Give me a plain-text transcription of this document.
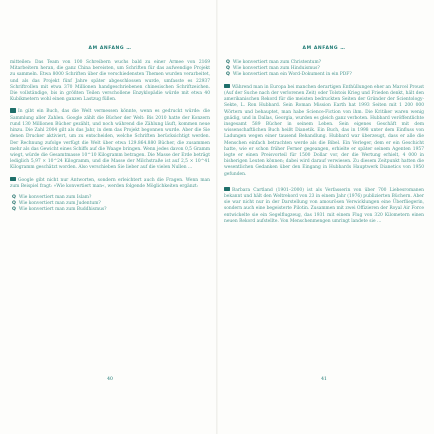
AM ANFANG …

mitteilen: Das Team von 100 Schreibern wuchs bald zu einer Armee von 2169 Mitarbeitern heran, die ganz China bereisten, um Schriften für das aufwendige Projekt zu sammeln. Etwa 8000 Schriften über die verschiedensten Themen wurden verarbeitet, und als das Projekt fünf Jahre später abgeschlossen wurde, umfasste es 22937 Schriftrollen mit etwa 370 Millionen handgeschriebenen chinesischen Schriftzeichen. Die vollständige, bis in größten Teilen verschollene Enzyklopädie würde mit etwa 40 Kubikmetern wohl einen ganzen Lastzug füllen.

In gibt ein Buch, das die Welt vermessen könnte, wenn es gedruckt würde: die Sammlung aller Zahlen. Google zählt die Bücher der Welt: Bis 2010 hatte der Konzern rund 130 Millionen Bücher gezählt, und noch während die Zählung läuft, kommen neue hinzu. Die Zahl 2004 gilt als das Jahr, in dem das Projekt begonnen wurde. Aber die Sie denen Drucker aktiviert, um zu entscheiden, welche Schriften berücksichtigt werden. Der Rechnung zufolge verfügt die Welt über etwa 129.864.880 Bücher, die zusammen mehr als das Gewicht eines Schiffs auf die Waage bringen. Wenn jedes davon 0,5 Gramm wiegt, würde die Gesamtmasse 10^10 Kilogramm betragen. Die Masse der Erde beträgt lediglich 5,97 × 10^24 Kilogramm, und die Masse der Milchstraße ist auf 2,5 × 10^41 Kilogramm geschätzt worden. Also verschieben Sie lieber auf die vielen Nullen …

Google gibt nicht nur Antworten, sondern erleichtert auch die Fragen. Wenn man zum Beispiel fragt: »Wie konvertiert man«, werden folgende Möglichkeiten ergänzt:

Q Wie konvertiert man zum Islam?
Q Wie konvertiert man zum Judentum?
Q Wie konvertiert man zum Buddhismus?
40
AM ANFANG …
Q Wie konvertiert man zum Christentum?
Q Wie konvertiert man zum Hinduismus?
Q Wie konvertiert man ein Word-Dokument in ein PDF?

Während man in Europa bei manchen derartigen Enthüllungen eher an Marcel Proust (Auf der Suche nach der verlorenen Zeit) oder Tolstois Krieg und Frieden denkt, hält den amerikanischen Rekord für die meisten bedruckten Seiten der Gründer der Scientology-Sekte, L. Ron Hubbard. Sein Roman Mission Earth hat 1993 Seiten mit 1 200 000 Wörtern und behauptet, man habe Science-Fiction von ihm. Die Kritiker waren wenig gnädig, und in Dallas, Georgia, wurden es gleich ganz verboten. Hubbard veröffentlichte insgesamt 589 Bücher in seinem Leben. Sein eigenes Geschäft mit dem wissenschaftlichen Buch heißt Dianetik. Ein Buch, das in 1998 unter dem Einfluss von Ladungen wegen einer tausend Behandlung. Hubbard war überzeugt, dass er alle die Menschen einfach betrachten werde als die Bibel. Ein Verleger, dem er ein Geschicht hatte, wie er schon früher Ferner gegeangen, erhielte er später seinem Agenten 1957 legte er einen Preisvorteil für 1500 Dollar vor, der die Wertung erhielt, 4 000 in bisherigen Leuten können; dabei wird darauf verwiesen. Zu diesem Zeitpunkt hatten die wesentlichen Gedanken über den Eingang in Hubbards Hauptwerk Dianetics von 1950 gefunden.

Barbara Cartland (1901–2000) ist als Verfasserin von über 700 Liebesromanen bekannt und hält den Weltrekord von 23 in einem Jahr (1976) publizierten Büchern. Aber sie war nicht nur in der Darstellung von amourösen Verwicklungen eine Überfliegerin, sondern auch eine begeisterte Pilotin. Zusammen mit zwei Offizieren der Royal Air Force entwickelte sie ein Segelflugzeug, das 1931 mit einem Flug von 320 Kilometern einen neuen Rekord aufstellte. Von Menschenmengen umringt landete sie …

41
